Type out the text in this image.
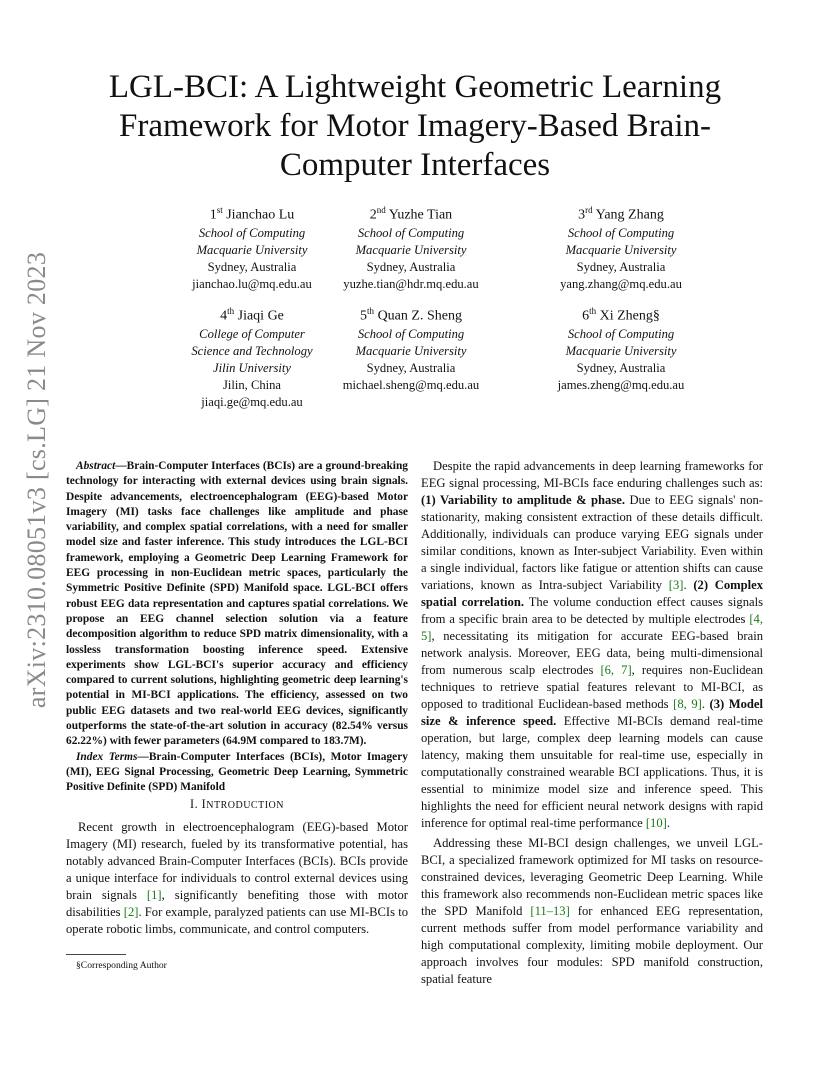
arXiv:2310.08051v3 [cs.LG] 21 Nov 2023
LGL-BCI: A Lightweight Geometric Learning Framework for Motor Imagery-Based Brain-Computer Interfaces
1st Jianchao Lu
School of Computing
Macquarie University
Sydney, Australia
jianchao.lu@mq.edu.au
2nd Yuzhe Tian
School of Computing
Macquarie University
Sydney, Australia
yuzhe.tian@hdr.mq.edu.au
3rd Yang Zhang
School of Computing
Macquarie University
Sydney, Australia
yang.zhang@mq.edu.au
4th Jiaqi Ge
College of Computer
Science and Technology
Jilin University
Jilin, China
jiaqi.ge@mq.edu.au
5th Quan Z. Sheng
School of Computing
Macquarie University
Sydney, Australia
michael.sheng@mq.edu.au
6th Xi Zheng§
School of Computing
Macquarie University
Sydney, Australia
james.zheng@mq.edu.au

Abstract—Brain-Computer Interfaces (BCIs) are a ground-breaking technology for interacting with external devices using brain signals. Despite advancements, electroencephalogram (EEG)-based Motor Imagery (MI) tasks face challenges like amplitude and phase variability, and complex spatial correlations, with a need for smaller model size and faster inference. This study introduces the LGL-BCI framework, employing a Geometric Deep Learning Framework for EEG processing in non-Euclidean metric spaces, particularly the Symmetric Positive Definite (SPD) Manifold space. LGL-BCI offers robust EEG data representation and captures spatial correlations. We propose an EEG channel selection solution via a feature decomposition algorithm to reduce SPD matrix dimensionality, with a lossless transformation boosting inference speed. Extensive experiments show LGL-BCI's superior accuracy and efficiency compared to current solutions, highlighting geometric deep learning's potential in MI-BCI applications. The efficiency, assessed on two public EEG datasets and two real-world EEG devices, significantly outperforms the state-of-the-art solution in accuracy (82.54% versus 62.22%) with fewer parameters (64.9M compared to 183.7M).

Index Terms—Brain-Computer Interfaces (BCIs), Motor Imagery (MI), EEG Signal Processing, Geometric Deep Learning, Symmetric Positive Definite (SPD) Manifold

I. INTRODUCTION

Recent growth in electroencephalogram (EEG)-based Motor Imagery (MI) research, fueled by its transformative potential, has notably advanced Brain-Computer Interfaces (BCIs). BCIs provide a unique interface for individuals to control external devices using brain signals [1], significantly benefiting those with motor disabilities [2]. For example, paralyzed patients can use MI-BCIs to operate robotic limbs, communicate, and control computers.

Despite the rapid advancements in deep learning frameworks for EEG signal processing, MI-BCIs face enduring challenges such as: (1) Variability to amplitude & phase. Due to EEG signals' non-stationarity, making consistent extraction of these details difficult. Additionally, individuals can produce varying EEG signals under similar conditions, known as Inter-subject Variability. Even within a single individual, factors like fatigue or attention shifts can cause variations, known as Intra-subject Variability [3]. (2) Complex spatial correlation. The volume conduction effect causes signals from a specific brain area to be detected by multiple electrodes [4, 5], necessitating its mitigation for accurate EEG-based brain network analysis. Moreover, EEG data, being multi-dimensional from numerous scalp electrodes [6, 7], requires non-Euclidean techniques to retrieve spatial features relevant to MI-BCI, as opposed to traditional Euclidean-based methods [8, 9]. (3) Model size & inference speed. Effective MI-BCIs demand real-time operation, but large, complex deep learning models can cause latency, making them unsuitable for real-time use, especially in computationally constrained wearable BCI applications. Thus, it is essential to minimize model size and inference speed. This highlights the need for efficient neural network designs with rapid inference for optimal real-time performance [10].

Addressing these MI-BCI design challenges, we unveil LGL-BCI, a specialized framework optimized for MI tasks on resource-constrained devices, leveraging Geometric Deep Learning. While this framework also recommends non-Euclidean metric spaces like the SPD Manifold [11–13] for enhanced EEG representation, current methods suffer from model performance variability and high computational complexity, limiting mobile deployment. Our approach involves four modules: SPD manifold construction, spatial feature

§Corresponding Author
